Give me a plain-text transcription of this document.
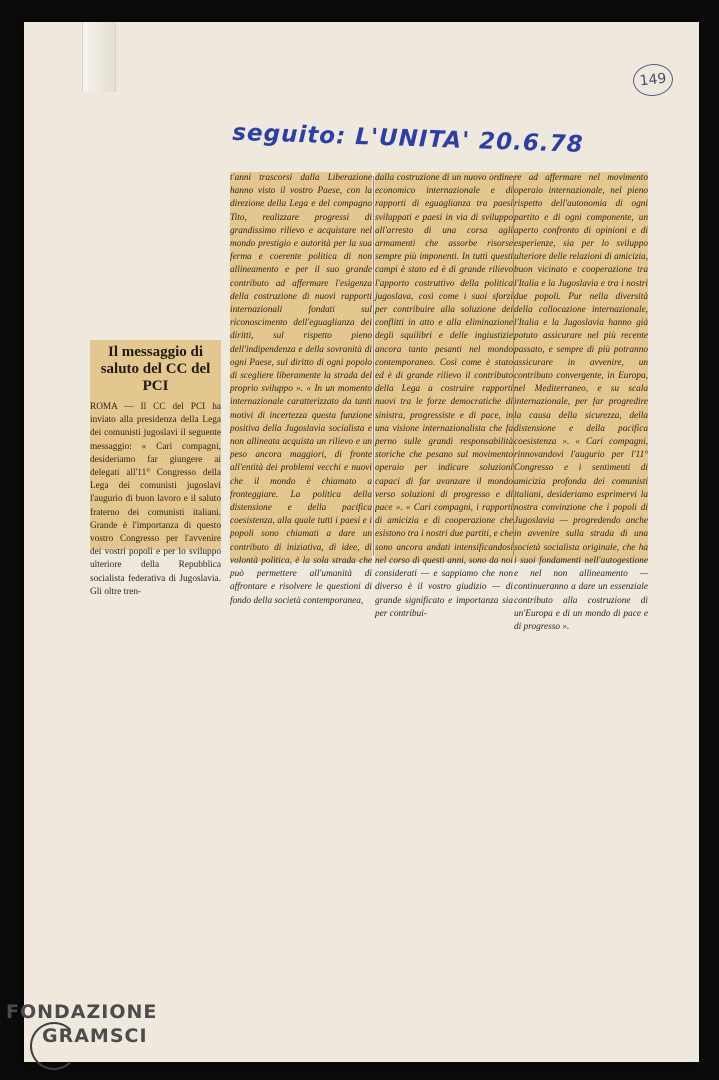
149
seguito: L'UNITA' 20.6.78
Il messaggio di saluto del CC del PCI

ROMA — Il CC del PCI ha inviato alla presidenza della Lega dei comunisti jugoslavi il seguente messaggio: « Cari compagni, desideriamo far giungere ai delegati all'11° Congresso della Lega dei comunisti jugoslavi l'augurio di buon lavoro e il saluto fraterno dei comunisti italiani. Grande è l'importanza di questo vostro Congresso per l'avvenire dei vostri popoli e per lo sviluppo ulteriore della Repubblica socialista federativa di Jugoslavia. Gli oltre tren-

t'anni trascorsi dalla Liberazione hanno visto il vostro Paese, con la direzione della Lega e del compagno Tito, realizzare progressi di grandissimo rilievo e acquistare nel mondo prestigio e autorità per la sua ferma e coerente politica di non allineamento e per il suo grande contributo ad affermare l'esigenza della costruzione di nuovi rapporti internazionali fondati sul riconoscimento dell'eguaglianza dei diritti, sul rispetto pieno dell'indipendenza e della sovranità di ogni Paese, sul diritto di ogni popolo di scegliere liberamente la strada del proprio sviluppo ». « In un momento internazionale caratterizzato da tanti motivi di incertezza questa funzione positiva della Jugoslavia socialista e non allineata acquista un rilievo e un peso ancora maggiori, di fronte all'entità dei problemi vecchi e nuovi che il mondo è chiamato a fronteggiare. La politica della distensione e della pacifica coesistenza, alla quale tutti i paesi e i popoli sono chiamati a dare un contributo di iniziativa, di idee, di volontà politica, è la sola strada che può permettere all'umanità di affrontare e risolvere le questioni di fondo della società contemporanea,

dalla costruzione di un nuovo ordine economico internazionale e di rapporti di eguaglianza tra paesi sviluppati e paesi in via di sviluppo all'arresto di una corsa agli armamenti che assorbe risorse sempre più imponenti. In tutti questi campi è stato ed è di grande rilievo l'apporto costruttivo della politica jugoslava, così come i suoi sforzi per contribuire alla soluzione dei conflitti in atto e alla eliminazione degli squilibri e delle ingiustizie ancora tanto pesanti nel mondo contemporaneo. Così come è stato ed è di grande rilievo il contributo della Lega a costruire rapporti nuovi tra le forze democratiche di sinistra, progressiste e di pace, in una visione internazionalista che fa perno sulle grandi responsabilità storiche che pesano sul movimento operaio per indicare soluzioni capaci di far avanzare il mondo verso soluzioni di progresso e di pace ». « Cari compagni, i rapporti di amicizia e di cooperazione che esistono tra i nostri due partiti, e che sono ancora andati intensificandosi nel corso di questi anni, sono da noi considerati — e sappiamo che non diverso è il vostro giudizio — di grande significato e importanza sia per contribui-

re ad affermare nel movimento operaio internazionale, nel pieno rispetto dell'autonomia di ogni partito e di ogni componente, un aperto confronto di opinioni e di esperienze, sia per lo sviluppo ulteriore delle relazioni di amicizia, buon vicinato e cooperazione tra l'Italia e la Jugoslavia e tra i nostri due popoli. Pur nella diversità della collocazione internazionale, l'Italia e la Jugoslavia hanno già potuto assicurare nel più recente passato, e sempre di più potranno assicurare in avvenire, un contributo convergente, in Europa, nel Mediterraneo, e su scala internazionale, per far progredire la causa della sicurezza, della distensione e della pacifica coesistenza ». « Cari compagni, rinnovandovi l'augurio per l'11° Congresso e i sentimenti di amicizia profonda dei comunisti italiani, desideriamo esprimervi la nostra convinzione che i popoli di Jugoslavia — progredendo anche in avvenire sulla strada di una società socialista originale, che ha i suoi fondamenti nell'autogestione e nel non allineamento — continueranno a dare un essenziale contributo alla costruzione di un'Europa e di un mondo di pace e di progresso ».

FONDAZIONE
GRAMSCI
